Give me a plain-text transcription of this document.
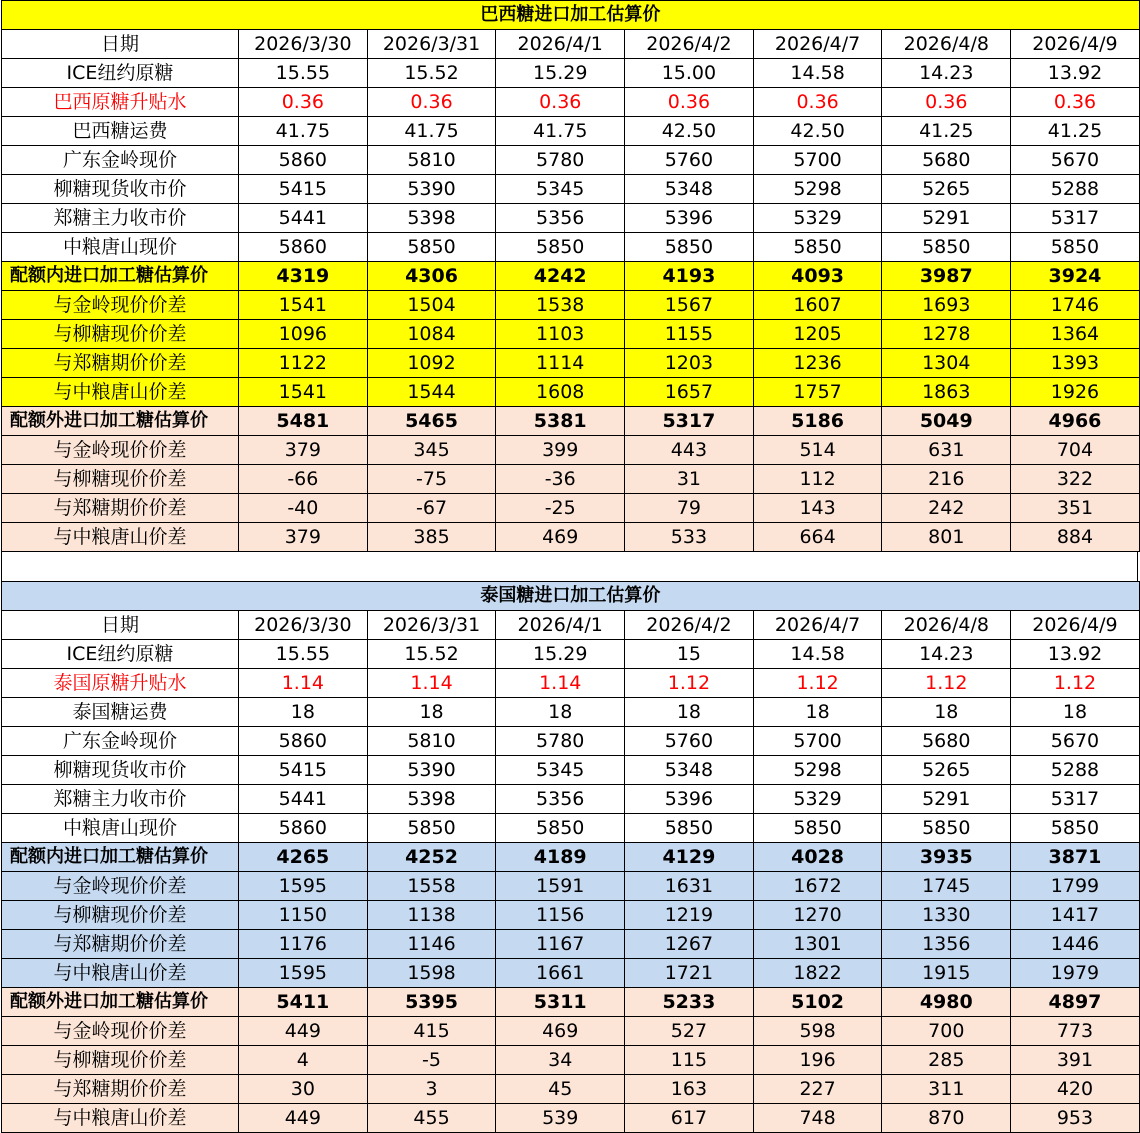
巴西糖进口加工估算价							
日期	2026/3/30	2026/3/31	2026/4/1	2026/4/2	2026/4/7	2026/4/8	2026/4/9
ICE纽约原糖	15.55	15.52	15.29	15.00	14.58	14.23	13.92
巴西原糖升贴水	0.36	0.36	0.36	0.36	0.36	0.36	0.36
巴西糖运费	41.75	41.75	41.75	42.50	42.50	41.25	41.25
广东金岭现价	5860	5810	5780	5760	5700	5680	5670
柳糖现货收市价	5415	5390	5345	5348	5298	5265	5288
郑糖主力收市价	5441	5398	5356	5396	5329	5291	5317
中粮唐山现价	5860	5850	5850	5850	5850	5850	5850
配额内进口加工糖估算价	4319	4306	4242	4193	4093	3987	3924
与金岭现价价差	1541	1504	1538	1567	1607	1693	1746
与柳糖现价价差	1096	1084	1103	1155	1205	1278	1364
与郑糖期价价差	1122	1092	1114	1203	1236	1304	1393
与中粮唐山价差	1541	1544	1608	1657	1757	1863	1926
配额外进口加工糖估算价	5481	5465	5381	5317	5186	5049	4966
与金岭现价价差	379	345	399	443	514	631	704
与柳糖现价价差	-66	-75	-36	31	112	216	322
与郑糖期价价差	-40	-67	-25	79	143	242	351
与中粮唐山价差	379	385	469	533	664	801	884
泰国糖进口加工估算价							
日期	2026/3/30	2026/3/31	2026/4/1	2026/4/2	2026/4/7	2026/4/8	2026/4/9
ICE纽约原糖	15.55	15.52	15.29	15	14.58	14.23	13.92
泰国原糖升贴水	1.14	1.14	1.14	1.12	1.12	1.12	1.12
泰国糖运费	18	18	18	18	18	18	18
广东金岭现价	5860	5810	5780	5760	5700	5680	5670
柳糖现货收市价	5415	5390	5345	5348	5298	5265	5288
郑糖主力收市价	5441	5398	5356	5396	5329	5291	5317
中粮唐山现价	5860	5850	5850	5850	5850	5850	5850
配额内进口加工糖估算价	4265	4252	4189	4129	4028	3935	3871
与金岭现价价差	1595	1558	1591	1631	1672	1745	1799
与柳糖现价价差	1150	1138	1156	1219	1270	1330	1417
与郑糖期价价差	1176	1146	1167	1267	1301	1356	1446
与中粮唐山价差	1595	1598	1661	1721	1822	1915	1979
配额外进口加工糖估算价	5411	5395	5311	5233	5102	4980	4897
与金岭现价价差	449	415	469	527	598	700	773
与柳糖现价价差	4	-5	34	115	196	285	391
与郑糖期价价差	30	3	45	163	227	311	420
与中粮唐山价差	449	455	539	617	748	870	953
